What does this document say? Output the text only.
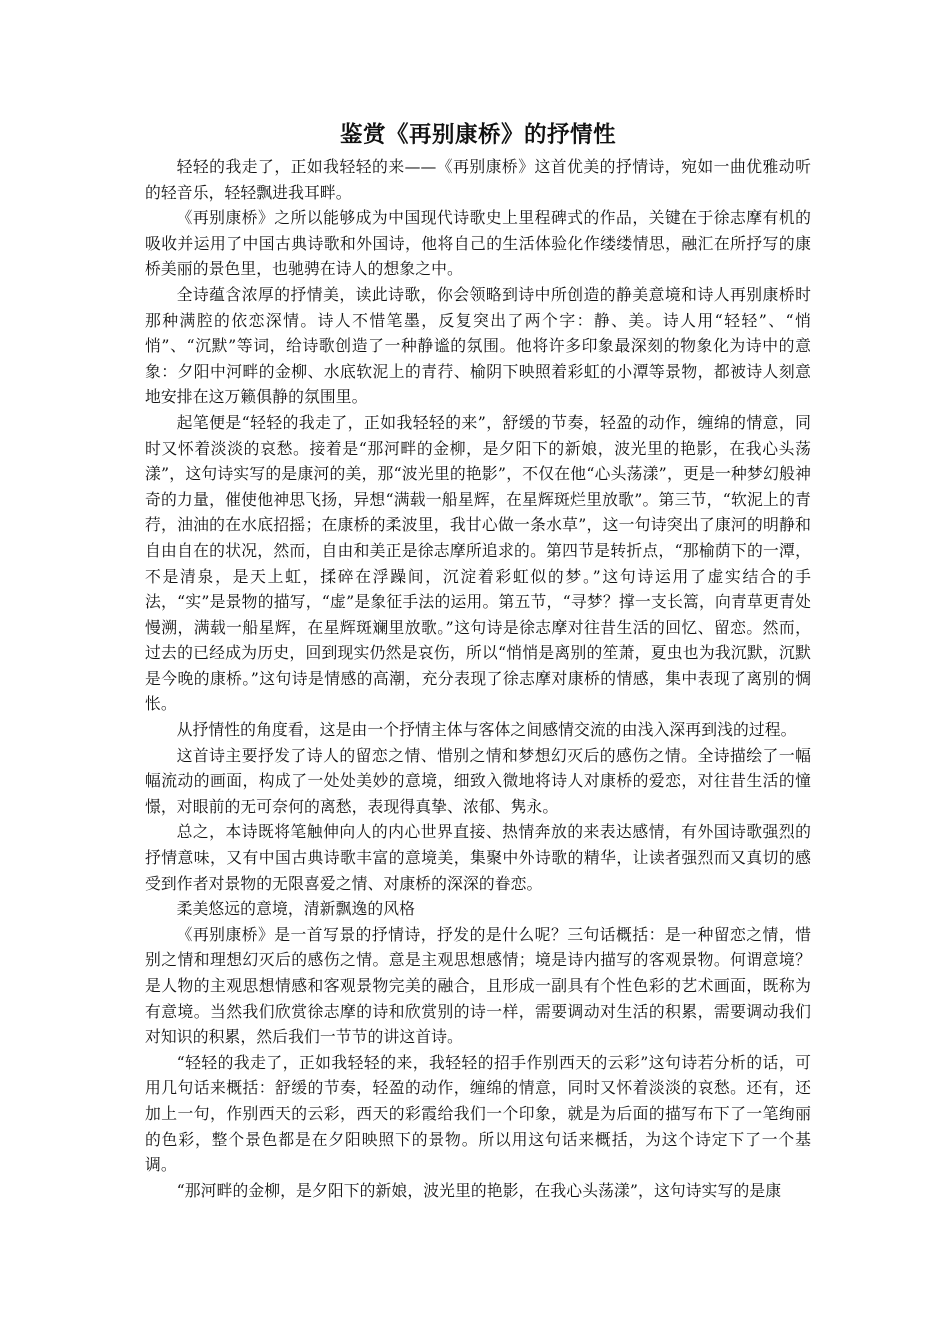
鉴赏《再别康桥》的抒情性

轻轻的我走了，正如我轻轻的来——《再别康桥》这首优美的抒情诗，宛如一曲优雅动听的轻音乐，轻轻飘进我耳畔。

《再别康桥》之所以能够成为中国现代诗歌史上里程碑式的作品，关键在于徐志摩有机的吸收并运用了中国古典诗歌和外国诗，他将自己的生活体验化作缕缕情思，融汇在所抒写的康桥美丽的景色里，也驰骋在诗人的想象之中。

全诗蕴含浓厚的抒情美，读此诗歌，你会领略到诗中所创造的静美意境和诗人再别康桥时那种满腔的依恋深情。诗人不惜笔墨，反复突出了两个字：静、美。诗人用“轻轻”、“悄悄”、“沉默”等词，给诗歌创造了一种静谧的氛围。他将许多印象最深刻的物象化为诗中的意象：夕阳中河畔的金柳、水底软泥上的青荇、榆阴下映照着彩虹的小潭等景物，都被诗人刻意地安排在这万籁俱静的氛围里。

起笔便是“轻轻的我走了，正如我轻轻的来”，舒缓的节奏，轻盈的动作，缠绵的情意，同时又怀着淡淡的哀愁。接着是“那河畔的金柳，是夕阳下的新娘，波光里的艳影，在我心头荡漾”，这句诗实写的是康河的美，那“波光里的艳影”，不仅在他“心头荡漾”，更是一种梦幻般神奇的力量，催使他神思飞扬，异想“满载一船星辉，在星辉斑烂里放歌”。第三节，“软泥上的青荇，油油的在水底招摇；在康桥的柔波里，我甘心做一条水草”，这一句诗突出了康河的明静和自由自在的状况，然而，自由和美正是徐志摩所追求的。第四节是转折点，“那榆荫下的一潭，不是清泉，是天上虹，揉碎在浮躁间，沉淀着彩虹似的梦。”这句诗运用了虚实结合的手法，“实”是景物的描写，“虚”是象征手法的运用。第五节，“寻梦？撑一支长篙，向青草更青处慢溯，满载一船星辉，在星辉斑斓里放歌。”这句诗是徐志摩对往昔生活的回忆、留恋。然而，过去的已经成为历史，回到现实仍然是哀伤，所以“悄悄是离别的笙萧，夏虫也为我沉默，沉默是今晚的康桥。”这句诗是情感的高潮，充分表现了徐志摩对康桥的情感，集中表现了离别的惆怅。

从抒情性的角度看，这是由一个抒情主体与客体之间感情交流的由浅入深再到浅的过程。

这首诗主要抒发了诗人的留恋之情、惜别之情和梦想幻灭后的感伤之情。全诗描绘了一幅幅流动的画面，构成了一处处美妙的意境，细致入微地将诗人对康桥的爱恋，对往昔生活的憧憬，对眼前的无可奈何的离愁，表现得真挚、浓郁、隽永。

总之，本诗既将笔触伸向人的内心世界直接、热情奔放的来表达感情，有外国诗歌强烈的抒情意味，又有中国古典诗歌丰富的意境美，集聚中外诗歌的精华，让读者强烈而又真切的感受到作者对景物的无限喜爱之情、对康桥的深深的眷恋。

柔美悠远的意境，清新飘逸的风格

《再别康桥》是一首写景的抒情诗，抒发的是什么呢？三句话概括：是一种留恋之情，惜别之情和理想幻灭后的感伤之情。意是主观思想感情；境是诗内描写的客观景物。何谓意境？是人物的主观思想情感和客观景物完美的融合，且形成一副具有个性色彩的艺术画面，既称为有意境。当然我们欣赏徐志摩的诗和欣赏别的诗一样，需要调动对生活的积累，需要调动我们对知识的积累，然后我们一节节的讲这首诗。

“轻轻的我走了，正如我轻轻的来，我轻轻的招手作别西天的云彩”这句诗若分析的话，可用几句话来概括：舒缓的节奏，轻盈的动作，缠绵的情意，同时又怀着淡淡的哀愁。还有，还加上一句，作别西天的云彩，西天的彩霞给我们一个印象，就是为后面的描写布下了一笔绚丽的色彩，整个景色都是在夕阳映照下的景物。所以用这句话来概括，为这个诗定下了一个基调。

“那河畔的金柳，是夕阳下的新娘，波光里的艳影，在我心头荡漾”，这句诗实写的是康
